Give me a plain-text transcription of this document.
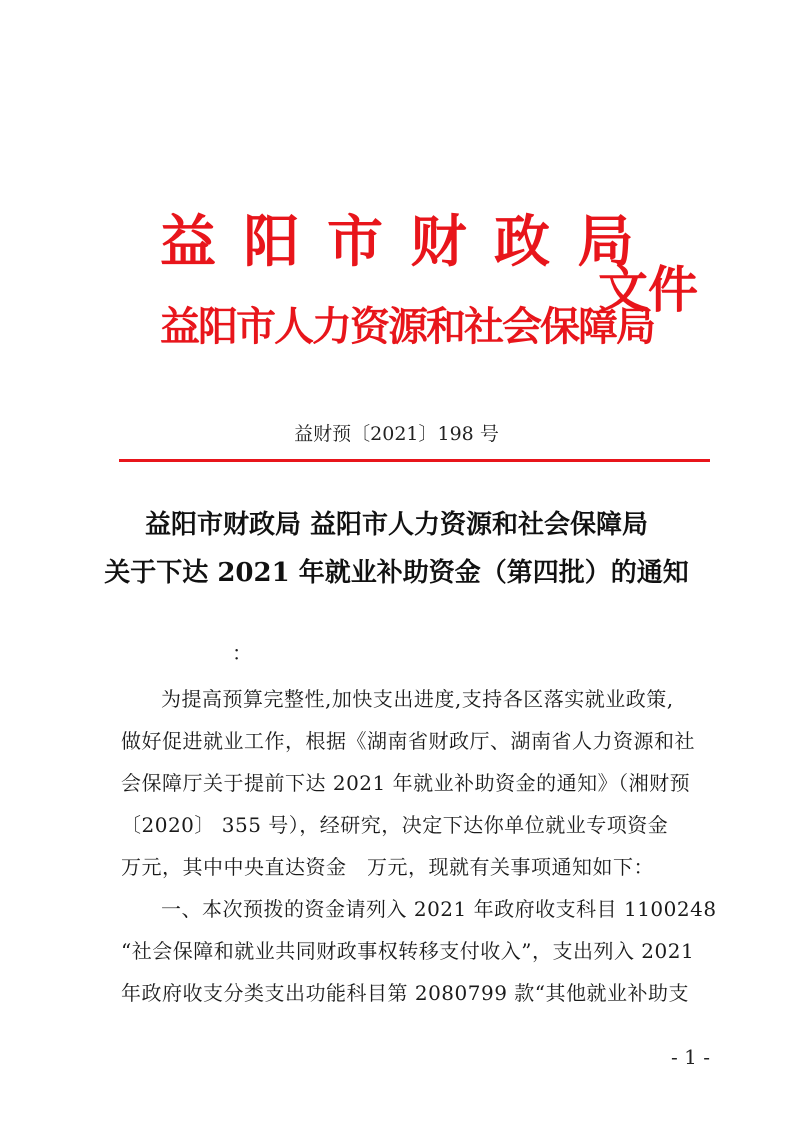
益 阳 市 财 政 局
益阳市人力资源和社会保障局
文件
益财预〔2021〕198 号
益阳市财政局 益阳市人力资源和社会保障局
关于下达 2021 年就业补助资金（第四批）的通知
：
为提高预算完整性,加快支出进度,支持各区落实就业政策,
做好促进就业工作，根据《湖南省财政厅、湖南省人力资源和社
会保障厅关于提前下达 2021 年就业补助资金的通知》（湘财预
〔2020〕 355 号），经研究，决定下达你单位就业专项资金
万元，其中中央直达资金　万元，现就有关事项通知如下：
一、本次预拨的资金请列入 2021 年政府收支科目 1100248
“社会保障和就业共同财政事权转移支付收入”，支出列入 2021
年政府收支分类支出功能科目第 2080799 款“其他就业补助支
- 1 -
